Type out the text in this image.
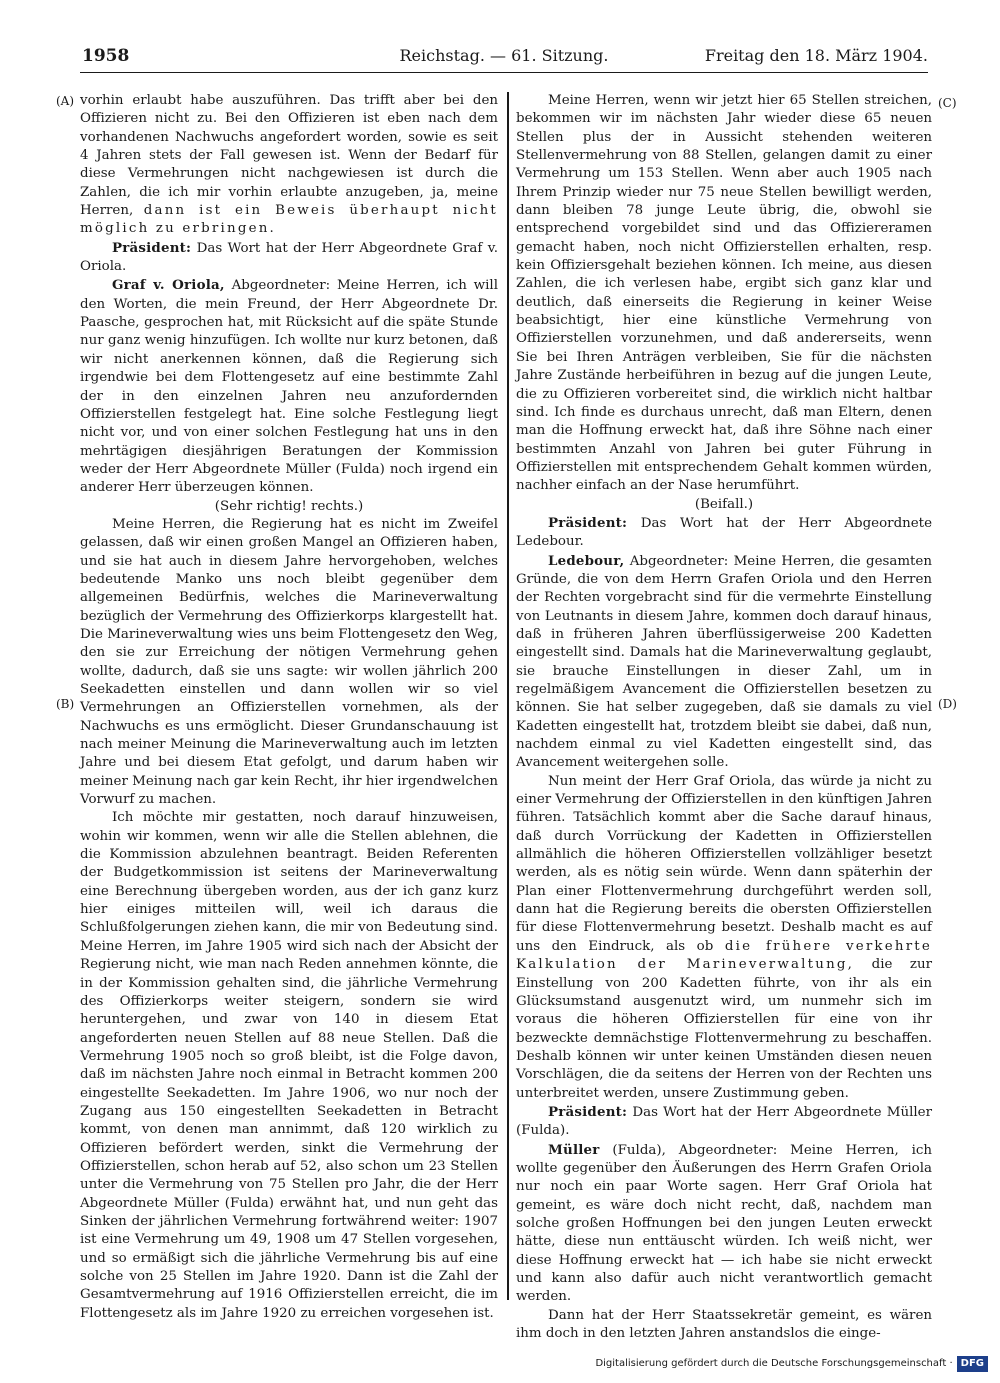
1958	Reichstag. — 61. Sitzung.	Freitag den 18. März 1904.
(A)
(B)
(C)
(D)

vorhin erlaubt habe auszuführen. Das trifft aber bei den Offizieren nicht zu. Bei den Offizieren ist eben nach dem vorhandenen Nachwuchs angefordert worden, sowie es seit 4 Jahren stets der Fall gewesen ist. Wenn der Bedarf für diese Vermehrungen nicht nachgewiesen ist durch die Zahlen, die ich mir vorhin erlaubte anzugeben, ja, meine Herren, dann ist ein Beweis überhaupt nicht möglich zu erbringen.

Präsident: Das Wort hat der Herr Abgeordnete Graf v. Oriola.

Graf v. Oriola, Abgeordneter: Meine Herren, ich will den Worten, die mein Freund, der Herr Abgeordnete Dr. Paasche, gesprochen hat, mit Rücksicht auf die späte Stunde nur ganz wenig hinzufügen. Ich wollte nur kurz betonen, daß wir nicht anerkennen können, daß die Regierung sich irgendwie bei dem Flottengesetz auf eine bestimmte Zahl der in den einzelnen Jahren neu anzufordernden Offizierstellen festgelegt hat. Eine solche Festlegung liegt nicht vor, und von einer solchen Festlegung hat uns in den mehrtägigen diesjährigen Beratungen der Kommission weder der Herr Abgeordnete Müller (Fulda) noch irgend ein anderer Herr überzeugen können.

(Sehr richtig! rechts.)

Meine Herren, die Regierung hat es nicht im Zweifel gelassen, daß wir einen großen Mangel an Offizieren haben, und sie hat auch in diesem Jahre hervorgehoben, welches bedeutende Manko uns noch bleibt gegenüber dem allgemeinen Bedürfnis, welches die Marineverwaltung bezüglich der Vermehrung des Offizierkorps klargestellt hat. Die Marineverwaltung wies uns beim Flottengesetz den Weg, den sie zur Erreichung der nötigen Vermehrung gehen wollte, dadurch, daß sie uns sagte: wir wollen jährlich 200 Seekadetten einstellen und dann wollen wir so viel Vermehrungen an Offizierstellen vornehmen, als der Nachwuchs es uns ermöglicht. Dieser Grundanschauung ist nach meiner Meinung die Marineverwaltung auch im letzten Jahre und bei diesem Etat gefolgt, und darum haben wir meiner Meinung nach gar kein Recht, ihr hier irgendwelchen Vorwurf zu machen.

Ich möchte mir gestatten, noch darauf hinzuweisen, wohin wir kommen, wenn wir alle die Stellen ablehnen, die die Kommission abzulehnen beantragt. Beiden Referenten der Budgetkommission ist seitens der Marineverwaltung eine Berechnung übergeben worden, aus der ich ganz kurz hier einiges mitteilen will, weil ich daraus die Schlußfolgerungen ziehen kann, die mir von Bedeutung sind. Meine Herren, im Jahre 1905 wird sich nach der Absicht der Regierung nicht, wie man nach Reden annehmen könnte, die in der Kommission gehalten sind, die jährliche Vermehrung des Offizierkorps weiter steigern, sondern sie wird heruntergehen, und zwar von 140 in diesem Etat angeforderten neuen Stellen auf 88 neue Stellen. Daß die Vermehrung 1905 noch so groß bleibt, ist die Folge davon, daß im nächsten Jahre noch einmal in Betracht kommen 200 eingestellte Seekadetten. Im Jahre 1906, wo nur noch der Zugang aus 150 eingestellten Seekadetten in Betracht kommt, von denen man annimmt, daß 120 wirklich zu Offizieren befördert werden, sinkt die Vermehrung der Offizierstellen, schon herab auf 52, also schon um 23 Stellen unter die Vermehrung von 75 Stellen pro Jahr, die der Herr Abgeordnete Müller (Fulda) erwähnt hat, und nun geht das Sinken der jährlichen Vermehrung fortwährend weiter: 1907 ist eine Vermehrung um 49, 1908 um 47 Stellen vorgesehen, und so ermäßigt sich die jährliche Vermehrung bis auf eine solche von 25 Stellen im Jahre 1920. Dann ist die Zahl der Gesamtvermehrung auf 1916 Offizierstellen erreicht, die im Flottengesetz als im Jahre 1920 zu erreichen vorgesehen ist.

Meine Herren, wenn wir jetzt hier 65 Stellen streichen, bekommen wir im nächsten Jahr wieder diese 65 neuen Stellen plus der in Aussicht stehenden weiteren Stellenvermehrung von 88 Stellen, gelangen damit zu einer Vermehrung um 153 Stellen. Wenn aber auch 1905 nach Ihrem Prinzip wieder nur 75 neue Stellen bewilligt werden, dann bleiben 78 junge Leute übrig, die, obwohl sie entsprechend vorgebildet sind und das Offiziereramen gemacht haben, noch nicht Offizierstellen erhalten, resp. kein Offiziersgehalt beziehen können. Ich meine, aus diesen Zahlen, die ich verlesen habe, ergibt sich ganz klar und deutlich, daß einerseits die Regierung in keiner Weise beabsichtigt, hier eine künstliche Vermehrung von Offizierstellen vorzunehmen, und daß andererseits, wenn Sie bei Ihren Anträgen verbleiben, Sie für die nächsten Jahre Zustände herbeiführen in bezug auf die jungen Leute, die zu Offizieren vorbereitet sind, die wirklich nicht haltbar sind. Ich finde es durchaus unrecht, daß man Eltern, denen man die Hoffnung erweckt hat, daß ihre Söhne nach einer bestimmten Anzahl von Jahren bei guter Führung in Offizierstellen mit entsprechendem Gehalt kommen würden, nachher einfach an der Nase herumführt.

(Beifall.)

Präsident: Das Wort hat der Herr Abgeordnete Ledebour.

Ledebour, Abgeordneter: Meine Herren, die gesamten Gründe, die von dem Herrn Grafen Oriola und den Herren der Rechten vorgebracht sind für die vermehrte Einstellung von Leutnants in diesem Jahre, kommen doch darauf hinaus, daß in früheren Jahren überflüssigerweise 200 Kadetten eingestellt sind. Damals hat die Marineverwaltung geglaubt, sie brauche Einstellungen in dieser Zahl, um in regelmäßigem Avancement die Offizierstellen besetzen zu können. Sie hat selber zugegeben, daß sie damals zu viel Kadetten eingestellt hat, trotzdem bleibt sie dabei, daß nun, nachdem einmal zu viel Kadetten eingestellt sind, das Avancement weitergehen solle.

Nun meint der Herr Graf Oriola, das würde ja nicht zu einer Vermehrung der Offizierstellen in den künftigen Jahren führen. Tatsächlich kommt aber die Sache darauf hinaus, daß durch Vorrückung der Kadetten in Offizierstellen allmählich die höheren Offizierstellen vollzähliger besetzt werden, als es nötig sein würde. Wenn dann späterhin der Plan einer Flottenvermehrung durchgeführt werden soll, dann hat die Regierung bereits die obersten Offizierstellen für diese Flottenvermehrung besetzt. Deshalb macht es auf uns den Eindruck, als ob die frühere verkehrte Kalkulation der Marineverwaltung, die zur Einstellung von 200 Kadetten führte, von ihr als ein Glücksumstand ausgenutzt wird, um nunmehr sich im voraus die höheren Offizierstellen für eine von ihr bezweckte demnächstige Flottenvermehrung zu beschaffen. Deshalb können wir unter keinen Umständen diesen neuen Vorschlägen, die da seitens der Herren von der Rechten uns unterbreitet werden, unsere Zustimmung geben.

Präsident: Das Wort hat der Herr Abgeordnete Müller (Fulda).

Müller (Fulda), Abgeordneter: Meine Herren, ich wollte gegenüber den Äußerungen des Herrn Grafen Oriola nur noch ein paar Worte sagen. Herr Graf Oriola hat gemeint, es wäre doch nicht recht, daß, nachdem man solche großen Hoffnungen bei den jungen Leuten erweckt hätte, diese nun enttäuscht würden. Ich weiß nicht, wer diese Hoffnung erweckt hat — ich habe sie nicht erweckt und kann also dafür auch nicht verantwortlich gemacht werden.

Dann hat der Herr Staatssekretär gemeint, es wären ihm doch in den letzten Jahren anstandslos die einge-

Digitalisierung gefördert durch die Deutsche Forschungsgemeinschaft · DFG
